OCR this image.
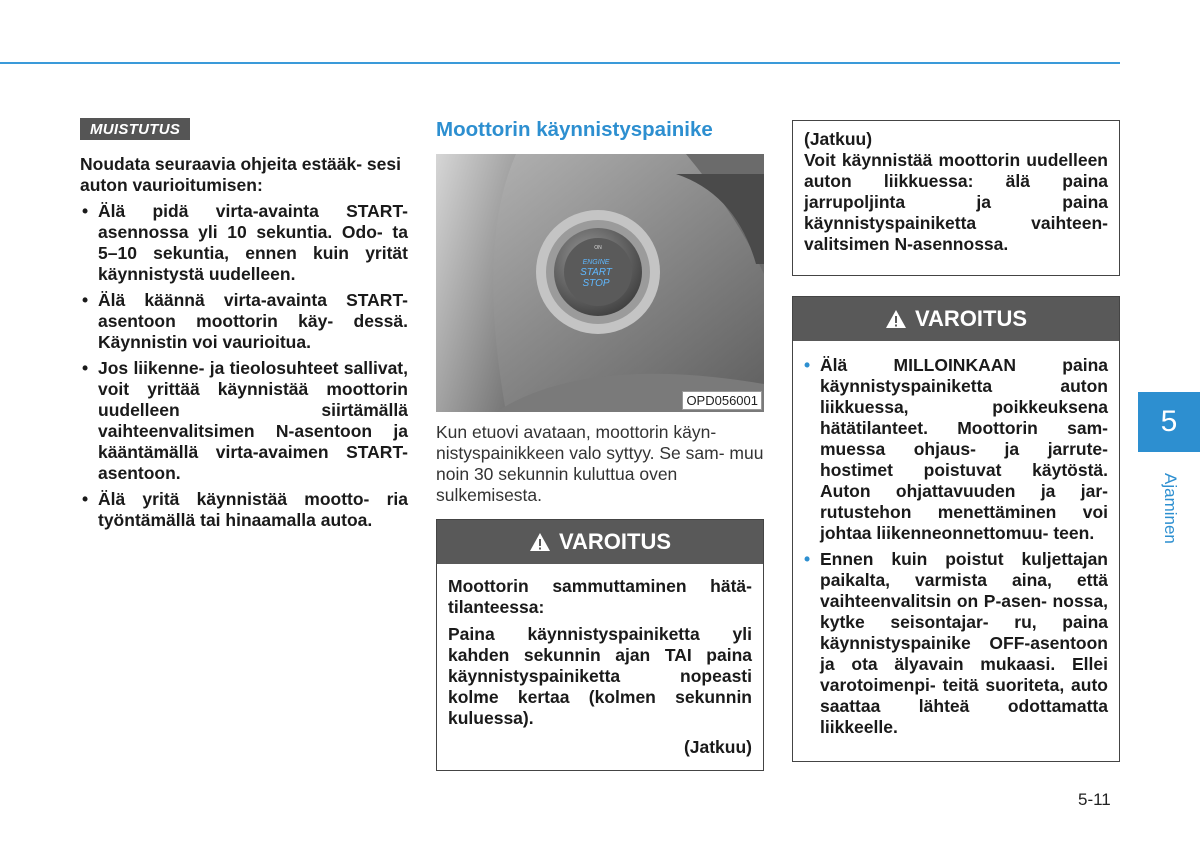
MUISTUTUS

Noudata seuraavia ohjeita estääk- sesi auton vaurioitumisen:

• Älä pidä virta-avainta START- asennossa yli 10 sekuntia. Odo- ta 5–10 sekuntia, ennen kuin yrität käynnistystä uudelleen.
• Älä käännä virta-avainta START-asentoon moottorin käy- dessä. Käynnistin voi vaurioitua.
• Jos liikenne- ja tieolosuhteet sallivat, voit yrittää käynnistää moottorin uudelleen siirtämällä vaihteenvalitsimen N-asentoon ja kääntämällä virta-avaimen START-asentoon.
• Älä yritä käynnistää mootto- ria työntämällä tai hinaamalla autoa.
Moottorin käynnistyspainike
ON
ENGINE
START
STOP
OPD056001

Kun etuovi avataan, moottorin käyn- nistyspainikkeen valo syttyy. Se sam- muu noin 30 sekunnin kuluttua oven sulkemisesta.

VAROITUS

Moottorin sammuttaminen hätä- tilanteessa:

Paina käynnistyspainiketta yli kahden sekunnin ajan TAI paina käynnistyspainiketta nopeasti kolme kertaa (kolmen sekunnin kuluessa).

(Jatkuu)

(Jatkuu)

Voit käynnistää moottorin uudelleen auton liikkuessa: älä paina jarrupoljinta ja paina käynnistyspainiketta vaihteen- valitsimen N-asennossa.

VAROITUS
• Älä MILLOINKAAN paina käynnistyspainiketta auton liikkuessa, poikkeuksena hätätilanteet. Moottorin sam- muessa ohjaus- ja jarrute- hostimet poistuvat käytöstä. Auton ohjattavuuden ja jar- rutustehon menettäminen voi johtaa liikenneonnettomuu- teen.
• Ennen kuin poistut kuljettajan paikalta, varmista aina, että vaihteenvalitsin on P-asen- nossa, kytke seisontajar- ru, paina käynnistyspainike OFF-asentoon ja ota älyavain mukaasi. Ellei varotoimenpi- teitä suoriteta, auto saattaa lähteä odottamatta liikkeelle.
5
Ajaminen
5-11
